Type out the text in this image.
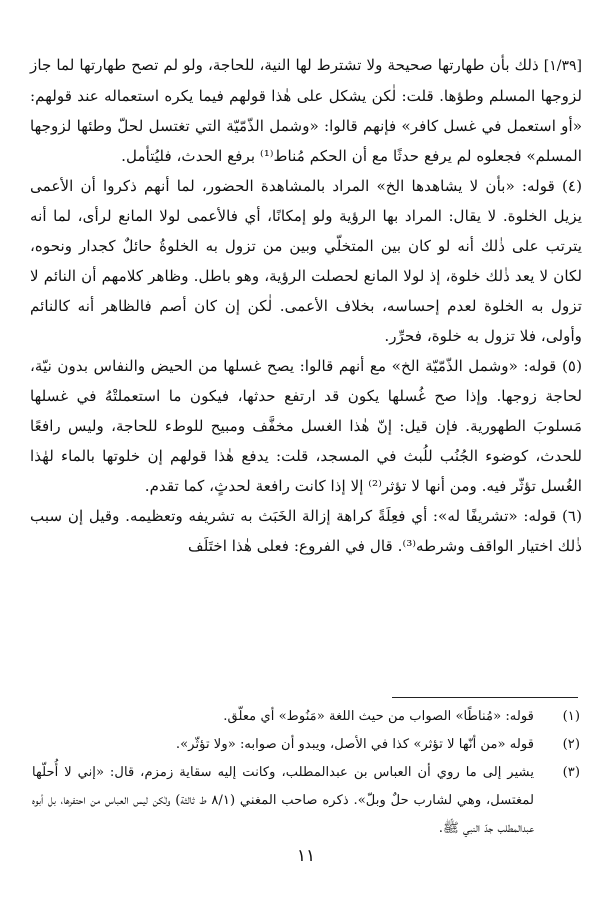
[١/٣٩] ذلك بأن طهارتها صحيحة ولا تشترط لها النية، للحاجة، ولو لم تصح طهارتها لما جاز لزوجها المسلم وطؤها. قلت: لٰكن يشكل على هٰذا قولهم فيما يكره استعماله عند قولهم: «أو استعمل في غسل كافر» فإنهم قالوا: «وشمل الذّمّيّة التي تغتسل لحلّ وطئها لزوجها المسلم» فجعلوه لم يرفع حدثًا مع أن الحكم مُناط⁽¹⁾ برفع الحدث، فليُتأمل.

(٤) قوله: «بأن لا يشاهدها الخ» المراد بالمشاهدة الحضور، لما أنهم ذكروا أن الأعمى يزيل الخلوة. لا يقال: المراد بها الرؤية ولو إمكانًا، أي فالأعمى لولا المانع لرأى، لما أنه يترتب على ذٰلك أنه لو كان بين المتخلّي وبين من تزول به الخلوةُ حائلٌ كجدار ونحوه، لكان لا يعد ذٰلك خلوة، إذ لولا المانع لحصلت الرؤية، وهو باطل. وظاهر كلامهم أن النائم لا تزول به الخلوة لعدم إحساسه، بخلاف الأعمى. لٰكن إن كان أصم فالظاهر أنه كالنائم وأولى، فلا تزول به خلوة، فحرِّر.

(٥) قوله: «وشمل الذّمّيّة الخ» مع أنهم قالوا: يصح غسلها من الحيض والنفاس بدون نيّة، لحاجة زوجها. وإذا صح غُسلها يكون قد ارتفع حدثها، فيكون ما استعملتْهُ في غسلها مَسلوبَ الطهورية. فإن قيل: إنّ هٰذا الغسل مخفَّف ومبيح للوطء للحاجة، وليس رافعًا للحدث، كوضوء الجُنُب للُبث في المسجد، قلت: يدفع هٰذا قولهم إن خلوتها بالماء لهٰذا الغُسل تؤثّر فيه. ومن أنها لا تؤثر⁽²⁾ إلا إذا كانت رافعة لحدثٍ، كما تقدم.

(٦) قوله: «تشريفًا له»: أي فعِلَةً كراهة إزالة الخَبَث به تشريفه وتعظيمه. وقيل إن سبب ذٰلك اختيار الواقف وشرطه⁽³⁾. قال في الفروع: فعلى هٰذا اختَلَف

(١)
قوله: «مُناطًا» الصواب من حيث اللغة «مَنُوط» أي معلّق.
(٢)
قوله «من أنّها لا تؤثر» كذا في الأصل، ويبدو أن صوابه: «ولا تؤثّر».
(٣)
يشير إلى ما روي أن العباس بن عبدالمطلب، وكانت إليه سقاية زمزم، قال: «إني لا أُحلّها لمغتسل، وهي لشارب حلٌ وبلّ». ذكره صاحب المغني (٨/١ ط ثالثة) ولٰكن ليس العباس من احتفرها، بل أبوه عبدالمطلب جدّ النبي ﷺ.
١١
